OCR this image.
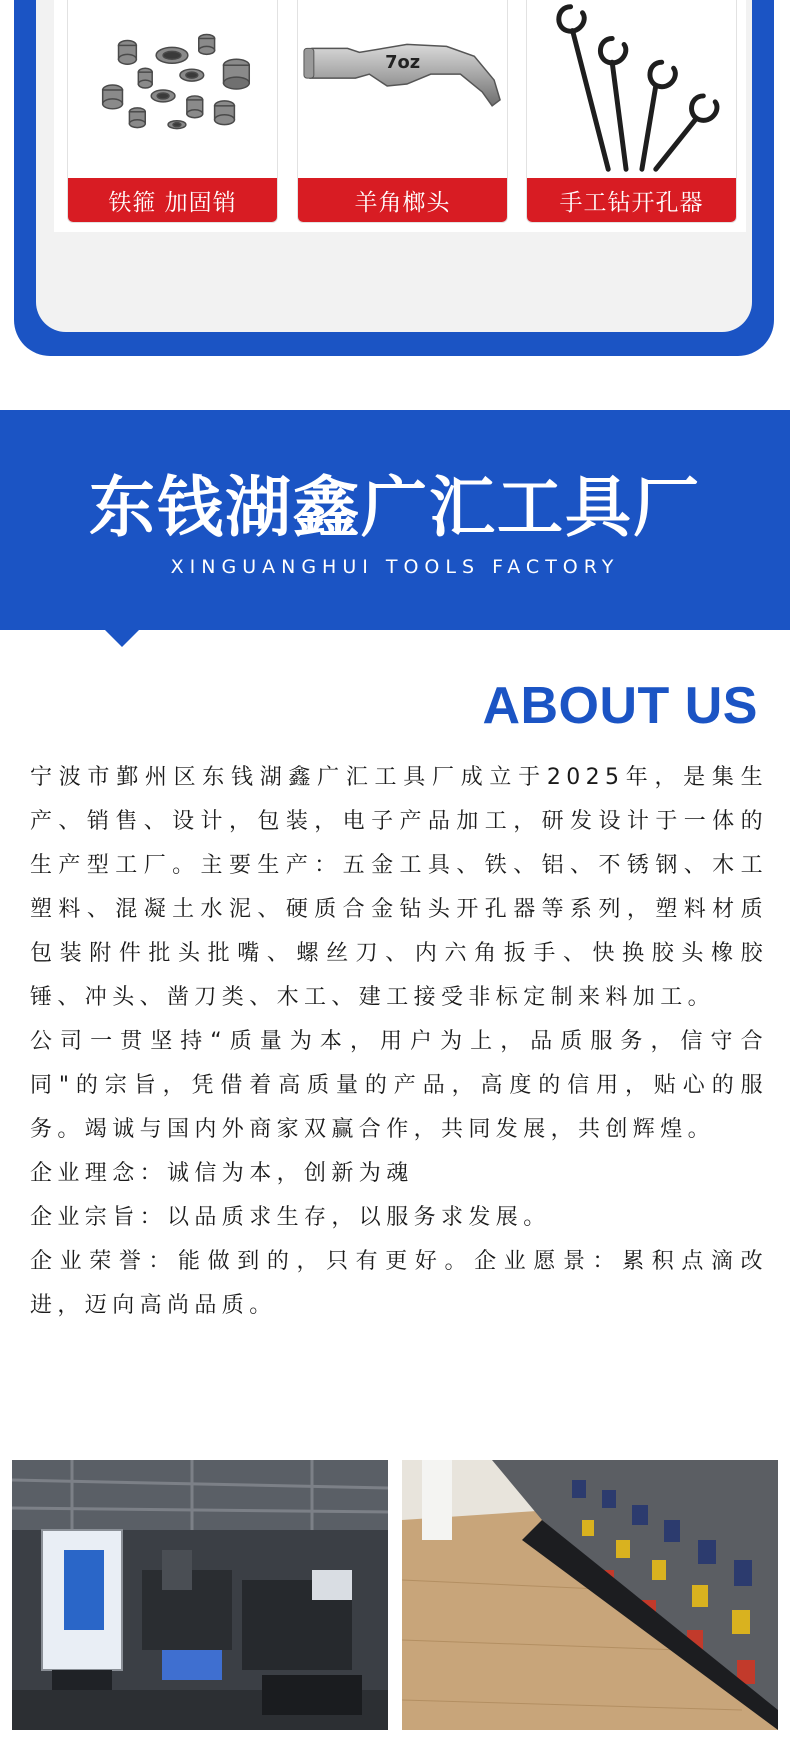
铁箍 加固销
7oz
羊角榔头	手工钻开孔器
东钱湖鑫广汇工具厂
XINGUANGHUI TOOLS FACTORY
ABOUT US

宁波市鄞州区东钱湖鑫广汇工具厂成立于2025年，是集生产、销售、设计，包装，电子产品加工，研发设计于一体的生产型工厂。主要生产：五金工具、铁、铝、不锈钢、木工塑料、混凝土水泥、硬质合金钻头开孔器等系列，塑料材质包装附件批头批嘴、螺丝刀、内六角扳手、快换胶头橡胶锤、冲头、凿刀类、木工、建工接受非标定制来料加工。

公司一贯坚持“质量为本，用户为上，品质服务，信守合同"的宗旨，凭借着高质量的产品，高度的信用，贴心的服务。竭诚与国内外商家双赢合作，共同发展，共创辉煌。

企业理念：诚信为本，创新为魂

企业宗旨：以品质求生存，以服务求发展。

企业荣誉：能做到的，只有更好。企业愿景：累积点滴改进，迈向高尚品质。
